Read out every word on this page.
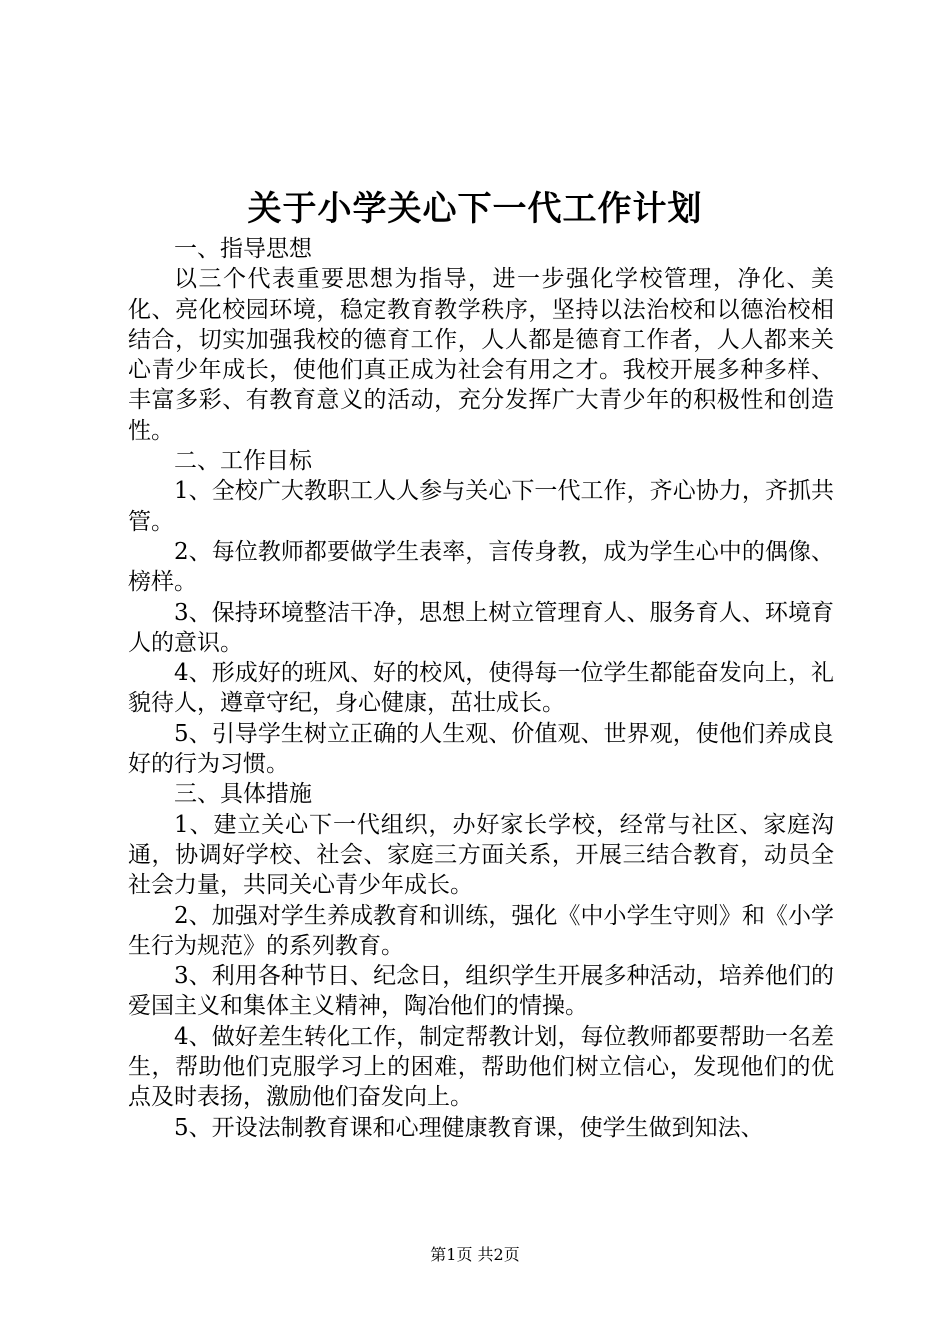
关于小学关心下一代工作计划

一、指导思想

以三个代表重要思想为指导，进一步强化学校管理，净化、美化、亮化校园环境，稳定教育教学秩序，坚持以法治校和以德治校相结合，切实加强我校的德育工作，人人都是德育工作者，人人都来关心青少年成长，使他们真正成为社会有用之才。我校开展多种多样、丰富多彩、有教育意义的活动，充分发挥广大青少年的积极性和创造性。

二、工作目标

1、全校广大教职工人人参与关心下一代工作，齐心协力，齐抓共管。

2、每位教师都要做学生表率，言传身教，成为学生心中的偶像、榜样。

3、保持环境整洁干净，思想上树立管理育人、服务育人、环境育人的意识。

4、形成好的班风、好的校风，使得每一位学生都能奋发向上，礼貌待人，遵章守纪，身心健康，茁壮成长。

5、引导学生树立正确的人生观、价值观、世界观，使他们养成良好的行为习惯。

三、具体措施

1、建立关心下一代组织，办好家长学校，经常与社区、家庭沟通，协调好学校、社会、家庭三方面关系，开展三结合教育，动员全社会力量，共同关心青少年成长。

2、加强对学生养成教育和训练，强化《中小学生守则》和《小学生行为规范》的系列教育。

3、利用各种节日、纪念日，组织学生开展多种活动，培养他们的爱国主义和集体主义精神，陶冶他们的情操。

4、做好差生转化工作，制定帮教计划，每位教师都要帮助一名差生，帮助他们克服学习上的困难，帮助他们树立信心，发现他们的优点及时表扬，激励他们奋发向上。

5、开设法制教育课和心理健康教育课，使学生做到知法、

第1页 共2页
